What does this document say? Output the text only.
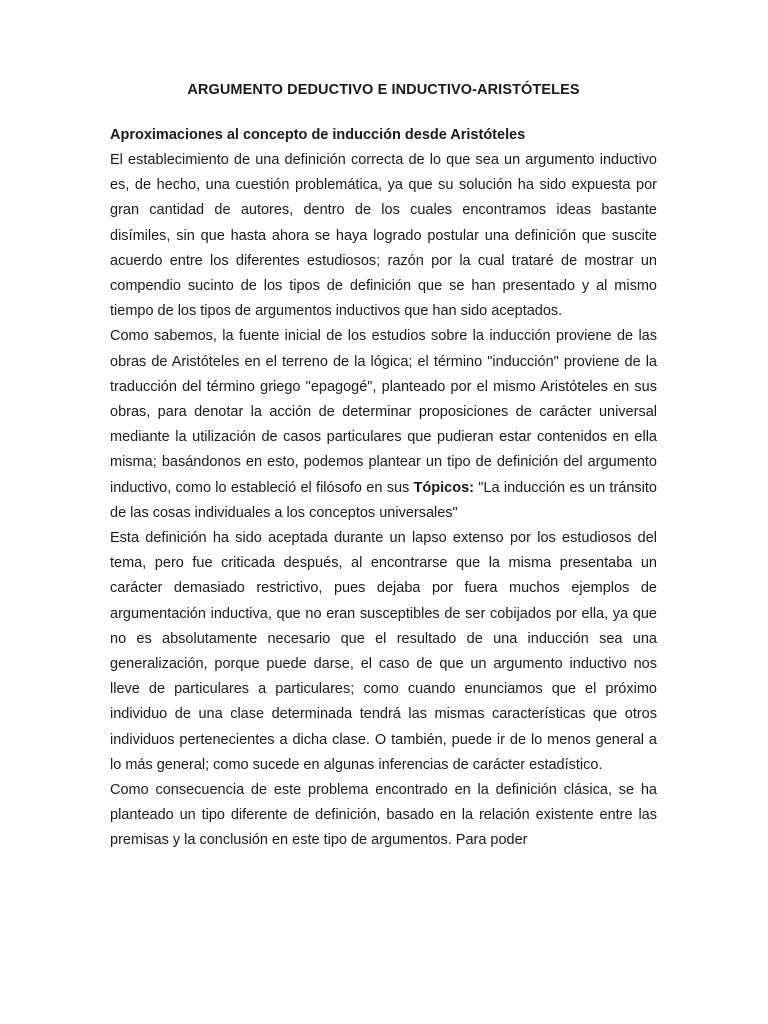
ARGUMENTO DEDUCTIVO E INDUCTIVO-ARISTÓTELES

Aproximaciones al concepto de inducción desde Aristóteles

El establecimiento de una definición correcta de lo que sea un argumento inductivo es, de hecho, una cuestión problemática, ya que su solución ha sido expuesta por gran cantidad de autores, dentro de los cuales encontramos ideas bastante disímiles, sin que hasta ahora se haya logrado postular una definición que suscite acuerdo entre los diferentes estudiosos; razón por la cual trataré de mostrar un compendio sucinto de los tipos de definición que se han presentado y al mismo tiempo de los tipos de argumentos inductivos que han sido aceptados.

Como sabemos, la fuente inicial de los estudios sobre la inducción proviene de las obras de Aristóteles en el terreno de la lógica; el término "inducción" proviene de la traducción del término griego "epagogé", planteado por el mismo Aristóteles en sus obras, para denotar la acción de determinar proposiciones de carácter universal mediante la utilización de casos particulares que pudieran estar contenidos en ella misma; basándonos en esto, podemos plantear un tipo de definición del argumento inductivo, como lo estableció el filósofo en sus Tópicos: "La inducción es un tránsito de las cosas individuales a los conceptos universales"

Esta definición ha sido aceptada durante un lapso extenso por los estudiosos del tema, pero fue criticada después, al encontrarse que la misma presentaba un carácter demasiado restrictivo, pues dejaba por fuera muchos ejemplos de argumentación inductiva, que no eran susceptibles de ser cobijados por ella, ya que no es absolutamente necesario que el resultado de una inducción sea una generalización, porque puede darse, el caso de que un argumento inductivo nos lleve de particulares a particulares; como cuando enunciamos que el próximo individuo de una clase determinada tendrá las mismas características que otros individuos pertenecientes a dicha clase. O también, puede ir de lo menos general a lo más general; como sucede en algunas inferencias de carácter estadístico.

Como consecuencia de este problema encontrado en la definición clásica, se ha planteado un tipo diferente de definición, basado en la relación existente entre las premisas y la conclusión en este tipo de argumentos. Para poder
